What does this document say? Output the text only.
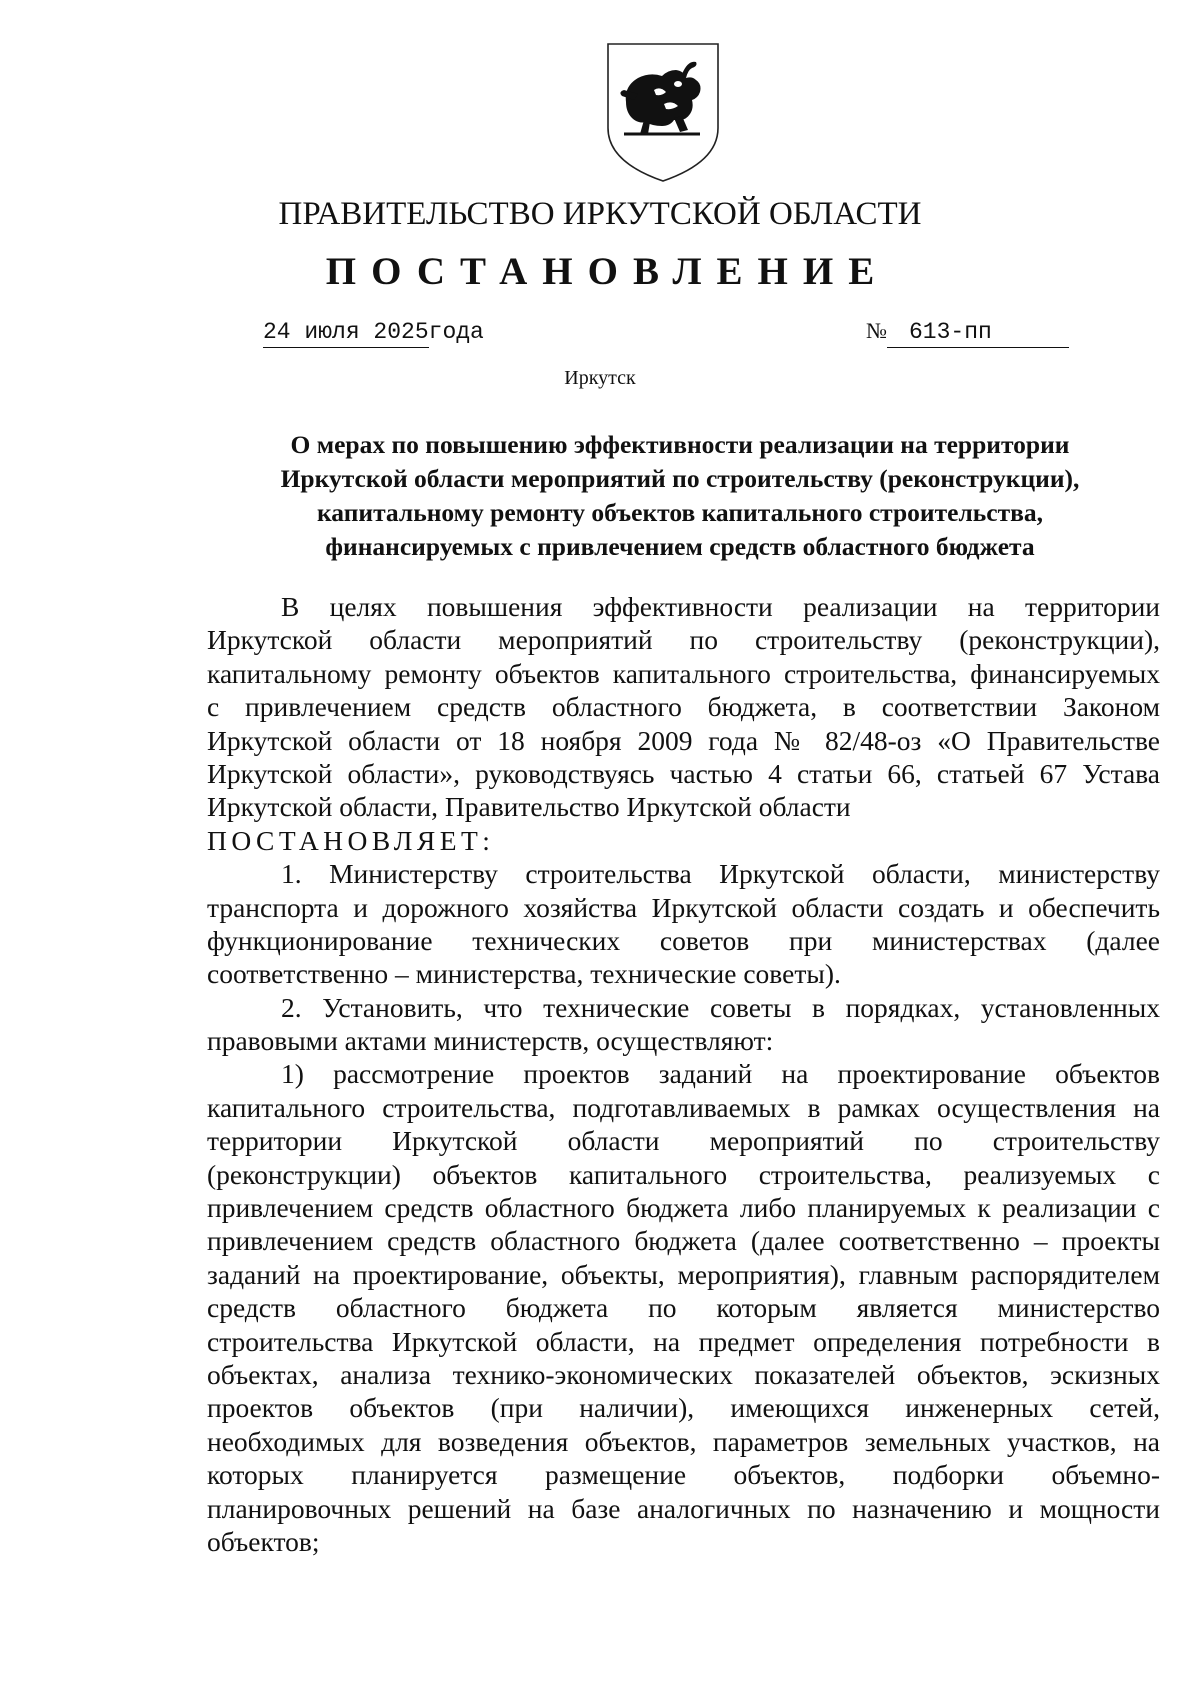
ПРАВИТЕЛЬСТВО ИРКУТСКОЙ ОБЛАСТИ
ПОСТАНОВЛЕНИЕ
24 июля 2025года	№ 613-пп
Иркутск
О мерах по повышению эффективности реализации на территории
Иркутской области мероприятий по строительству (реконструкции),
капитальному ремонту объектов капитального строительства,
финансируемых с привлечением средств областного бюджета
В целях повышения эффективности реализации на территории
Иркутской области мероприятий по строительству (реконструкции),
капитальному ремонту объектов капитального строительства, финансируемых
с привлечением средств областного бюджета, в соответствии Законом
Иркутской области от 18 ноября 2009 года № 82/48-оз «О Правительстве
Иркутской области», руководствуясь частью 4 статьи 66, статьей 67 Устава
Иркутской области, Правительство Иркутской области
ПОСТАНОВЛЯЕТ:
1. Министерству строительства Иркутской области, министерству
транспорта и дорожного хозяйства Иркутской области создать и обеспечить
функционирование технических советов при министерствах (далее
соответственно – министерства, технические советы).
2. Установить, что технические советы в порядках, установленных
правовыми актами министерств, осуществляют:
1) рассмотрение проектов заданий на проектирование объектов
капитального строительства, подготавливаемых в рамках осуществления на
территории Иркутской области мероприятий по строительству
(реконструкции) объектов капитального строительства, реализуемых с
привлечением средств областного бюджета либо планируемых к реализации с
привлечением средств областного бюджета (далее соответственно – проекты
заданий на проектирование, объекты, мероприятия), главным распорядителем
средств областного бюджета по которым является министерство
строительства Иркутской области, на предмет определения потребности в
объектах, анализа технико-экономических показателей объектов, эскизных
проектов объектов (при наличии), имеющихся инженерных сетей,
необходимых для возведения объектов, параметров земельных участков, на
которых планируется размещение объектов, подборки объемно-
планировочных решений на базе аналогичных по назначению и мощности
объектов;
